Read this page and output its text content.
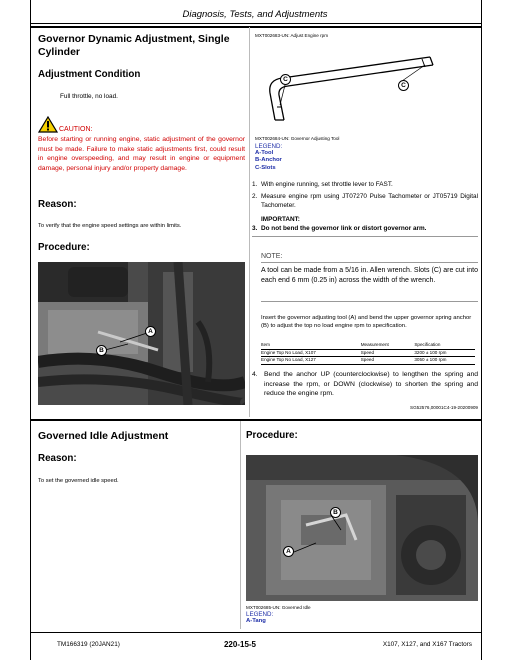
Diagnosis, Tests, and Adjustments
Governor Dynamic Adjustment, Single Cylinder
Adjustment Condition
Full throttle, no load.
CAUTION:
Before starting or running engine, static adjustment of the governor must be made. Failure to make static adjustments first, could result in engine overspeeding, and may result in engine or equipment damage, personal injury and/or property damage.
Reason:
To verify that the engine speed settings are within limits.
Procedure:
A
B
MXT002683-UN: Adjust Engine rpm
C
C
MXT002684-UN: Governor Adjusting Tool
LEGEND:
A-Tool
B-Anchor
C-Slots
1. With engine running, set throttle lever to FAST.
2. Measure engine rpm using JT07270 Pulse Tachometer or JT05719 Digital Tachometer.
IMPORTANT:
3. Do not bend the governor link or distort governor arm.
NOTE:
A tool can be made from a 5/16 in. Allen wrench. Slots (C) are cut into each end 6 mm (0.25 in) across the width of the wrench.
Insert the governor adjusting tool (A) and bend the upper governor spring anchor (B) to adjust the top no load engine rpm to specification.
Item	Measurement	Specification
Engine Top No Load, X107	Speed	3200 ± 100 rpm
Engine Top No Load, X127	Speed	3050 ± 100 rpm
4. Bend the anchor UP (counterclockwise) to lengthen the spring and increase the rpm, or DOWN (clockwise) to shorten the spring and reduce the engine rpm.
SG52576,00001C4-19-20200909
Governed Idle Adjustment
Reason:
To set the governed idle speed.
Procedure:
B
A
MXT002685-UN: Governed Idle
LEGEND:
A-Tang
TM166319 (20JAN21)	220-15-5	X107, X127, and X167 Tractors
